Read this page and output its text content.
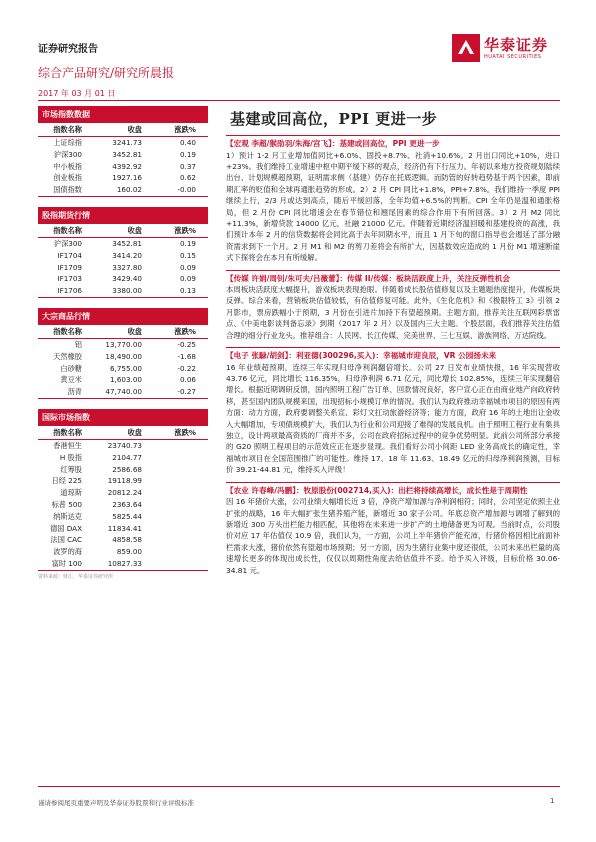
证券研究报告	华泰证券
HUATAI SECURITIES
综合产品研究/研究所晨报
2017 年 03 月 01 日
市场指数数据
指数名称	收盘	涨跌%
上证综指	3241.73	0.40
沪深300	3452.81	0.19
中小板指	4392.92	0.37
创业板指	1927.16	0.62
国债指数	160.02	-0.00
股指期货行情
指数名称	收盘	涨跌%
沪深300	3452.81	0.19
IF1704	3414.20	0.15
IF1709	3327.80	0.09
IF1703	3429.40	0.09
IF1706	3380.00	0.13
大宗商品行情
指数名称	收盘	涨跌%
铝	13,770.00	-0.25
天然橡胶	18,490.00	-1.68
白砂糖	6,755.00	-0.22
黄豆米	1,603.00	0.06
沥青	47,740.00	-0.27
国际市场指数
指数名称	收盘	涨跌%
香港恒生	23740.73
H 股指	2104.77
红筹股	2586.68
日经 225	19118.99
道琼斯	20812.24
标普 500	2363.64
纳斯达克	5825.44
德国 DAX	11834.41
法国 CAC	4858.58
波罗的海	859.00
富时 100	10827.33
资料来源：财汇，华泰证券研究所
基建或回高位，PPI 更进一步
【宏观 李超/猴劭羽/朱海/宫飞】：基建或回高位，PPI 更进一步
1）预计 1-2 月工业增加值同比+6.0%、固投+8.7%、社消+10.6%。2 月出口同比+10%，进口+23%。我们维持工业增速中枢中期平缓下移的观点，经济仍有下行压力。年初以来地方投资规划陆续出台、计划规模超预期，证明需求侧（基建）仍存在托底逻辑。而防管的好转趋势基于两个因素，即前期汇率的贬值和全球再通胀趋势的形成。2）2 月 CPI 同比+1.8%，PPI+7.8%。我们维持一季度 PPI 继续上行，2/3 月或达到高点，随后平缓回落，全年均值+6.5%的判断。CPI 全年仍是温和通胀格局，但 2 月份 CPI 同比增速会在春节错位和翘尾因素的综合作用下有所回落。3）2 月 M2 同比+11.3%，新增贷款 14000 亿元，社融 21000 亿元。伴随着近期经济温回暖和基建投资的高涨，我们预计本年 2 月的信贷数据将会同比高于去年同期水平，而且 1 月下旬的窗口指导也会遏延了部分融资需求到下一个月。2 月 M1 和 M2 的剪刀差将会有所扩大，因基数效应造成的 1 月份 M1 增速断崖式下探将会在本月有所缓解。
【传媒 许娟/周钊/朱可夫/吕薇蕾】：传媒 II/传媒：板块活跃度上升，关注反弹性机会
本周板块活跃度大幅提升，游戏板块表现抢眼。伴随着成长股估值修复以及主题题热度提升，传媒板块反弹。综合来看，营销板块估值较低，有估值修复可能。此外，《生化危机》和《极限特工 3》引领 2 月影市，票房跌幅小于预期，3 月份在引进片加持下有望超预期。主题方面，推荐关注互联网彩票雷点、《中美电影谈判备忘录》到期（2017 年 2 月）以及国内三大主题。个股层面，我们推荐关注估值合理的细分行业龙头。推荐组合：人民网、长江传媒、完美世界、三七互娱、游族网络、万达院线。
【电子 张騄/胡剑】：利亚德(300296,买入)：幸福城市迎良辰，VR 公园扬未来
16 年业绩超预期，连续三年实现归母净利润翻倍增长。公司 27 日发布业绩快报，16 年实现营收 43.76 亿元，同比增长 116.35%，归母净利润 6.71 亿元，同比增长 102.85%，连续三年实现翻倍增长。根据近期调研反馈，国内照明工程广告订单、回款情况良好，客户宣心正在由商业地产向政府转移，甚至国内团队规模来国，出现招标小规模订单的情况。我们认为政府推动幸福城市项目的原因有两方面：动力方面，政府要调整关系宣、彩灯文扛动旅游经济等；能力方面，政府 16 年的土地出让金收入大幅增加，专项债规模扩大，我们认为行业和公司迎接了难得的发展良机。由于照明工程行业有集具独立，设计两项最高资质的厂商并不多，公司在政府招标过程中的竞争优势明显。此前公司所部分承接的 G20 照明工程项目的示范效应正在逐步显现。我们看好公司小间距 LED 业务高成长的确定性，幸福城市项目在全国范围推广的可能性。维持 17、18 年 11.63、18.49 亿元的归母净利润预测，目标价 39.21-44.81 元，维持买入评级！
【农业 许春峰/冯鹏】：牧原股份(002714,买入)：出栏将持续高增长，成长性是于周期性
因 16 年猪价大涨，公司业绩大幅增长近 3 倍，净资产增加源与净利润相符；同时，公司坚定依照主业扩张的战略，16 年大幅扩张生猪养殖产能，新增近 30 家子公司。年底总资产增加源与调增了解到的新增近 300 万头出栏能力相匹配，其他将在未来进一步扩产的土地储备更为可观。当前时点，公司股价对应 17 年估值仅 10.9 倍，我们认为，一方面，公司上半年猪价产能充沛，行猪价格因相比前面补栏需求大涨，猪价依然有望超市场预期；另一方面，因为生猪行业集中度还很低，公司未来出栏量的高速增长更多的体现出成长性，仅仅以周期性角度去给估值并不妥。给予买入评级，目标价格 30.06-34.81 元。
谨请参阅尾页重要声明及华泰证券股票和行业评级标准	1
